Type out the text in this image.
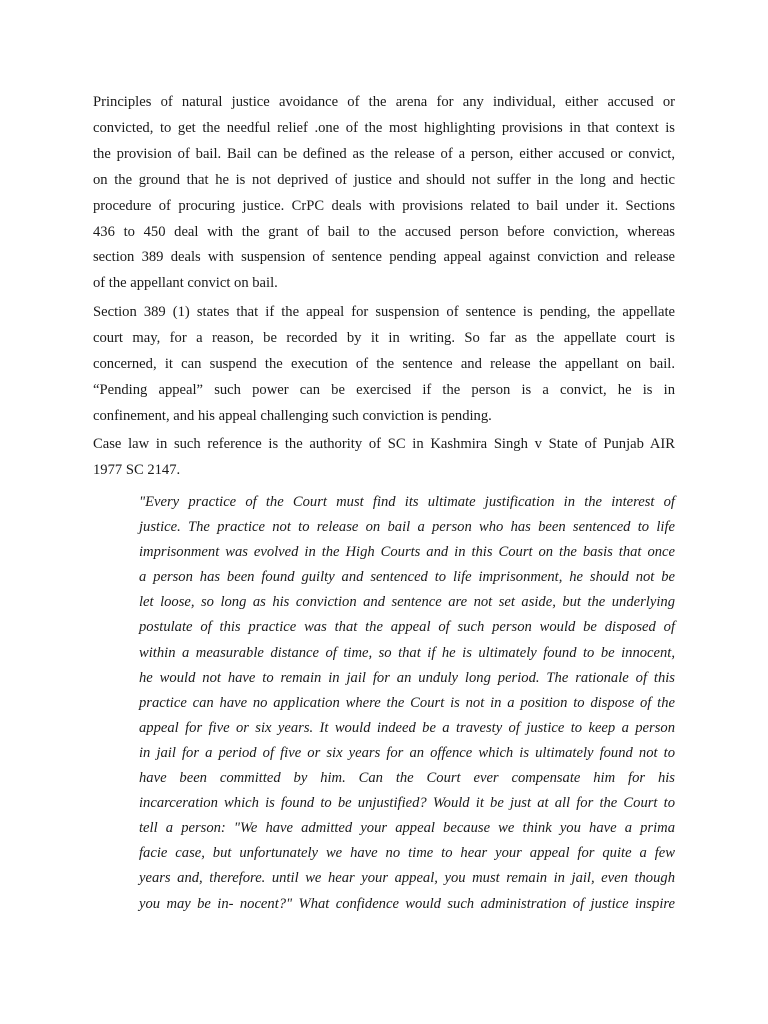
Principles of natural justice avoidance of the arena for any individual, either accused or
convicted, to get the needful relief .one of the most highlighting provisions in that context is
the provision of bail. Bail can be defined as the release of a person, either accused or convict,
on the ground that he is not deprived of justice and should not suffer in the long and hectic
procedure of procuring justice. CrPC deals with provisions related to bail under it. Sections
436 to 450 deal with the grant of bail to the accused person before conviction, whereas
section 389 deals with suspension of sentence pending appeal against conviction and release
of the appellant convict on bail.
Section 389 (1) states that if the appeal for suspension of sentence is pending, the appellate
court may, for a reason, be recorded by it in writing. So far as the appellate court is
concerned, it can suspend the execution of the sentence and release the appellant on bail.
“Pending appeal” such power can be exercised if the person is a convict, he is in
confinement, and his appeal challenging such conviction is pending.
Case law in such reference is the authority of SC in Kashmira Singh v State of Punjab AIR
1977 SC 2147.
"Every practice of the Court must find its ultimate justification in the interest of
justice. The practice not to release on bail a person who has been sentenced to life
imprisonment was evolved in the High Courts and in this Court on the basis that once
a person has been found guilty and sentenced to life imprisonment, he should not be
let loose, so long as his conviction and sentence are not set aside, but the underlying
postulate of this practice was that the appeal of such person would be disposed of
within a measurable distance of time, so that if he is ultimately found to be innocent,
he would not have to remain in jail for an unduly long period. The rationale of this
practice can have no application where the Court is not in a position to dispose of the
appeal for five or six years. It would indeed be a travesty of justice to keep a person
in jail for a period of five or six years for an offence which is ultimately found not to
have been committed by him. Can the Court ever compensate him for his
incarceration which is found to be unjustified? Would it be just at all for the Court to
tell a person: "We have admitted your appeal because we think you have a prima
facie case, but unfortunately we have no time to hear your appeal for quite a few
years and, therefore. until we hear your appeal, you must remain in jail, even though
you may be in- nocent?" What confidence would such administration of justice inspire
